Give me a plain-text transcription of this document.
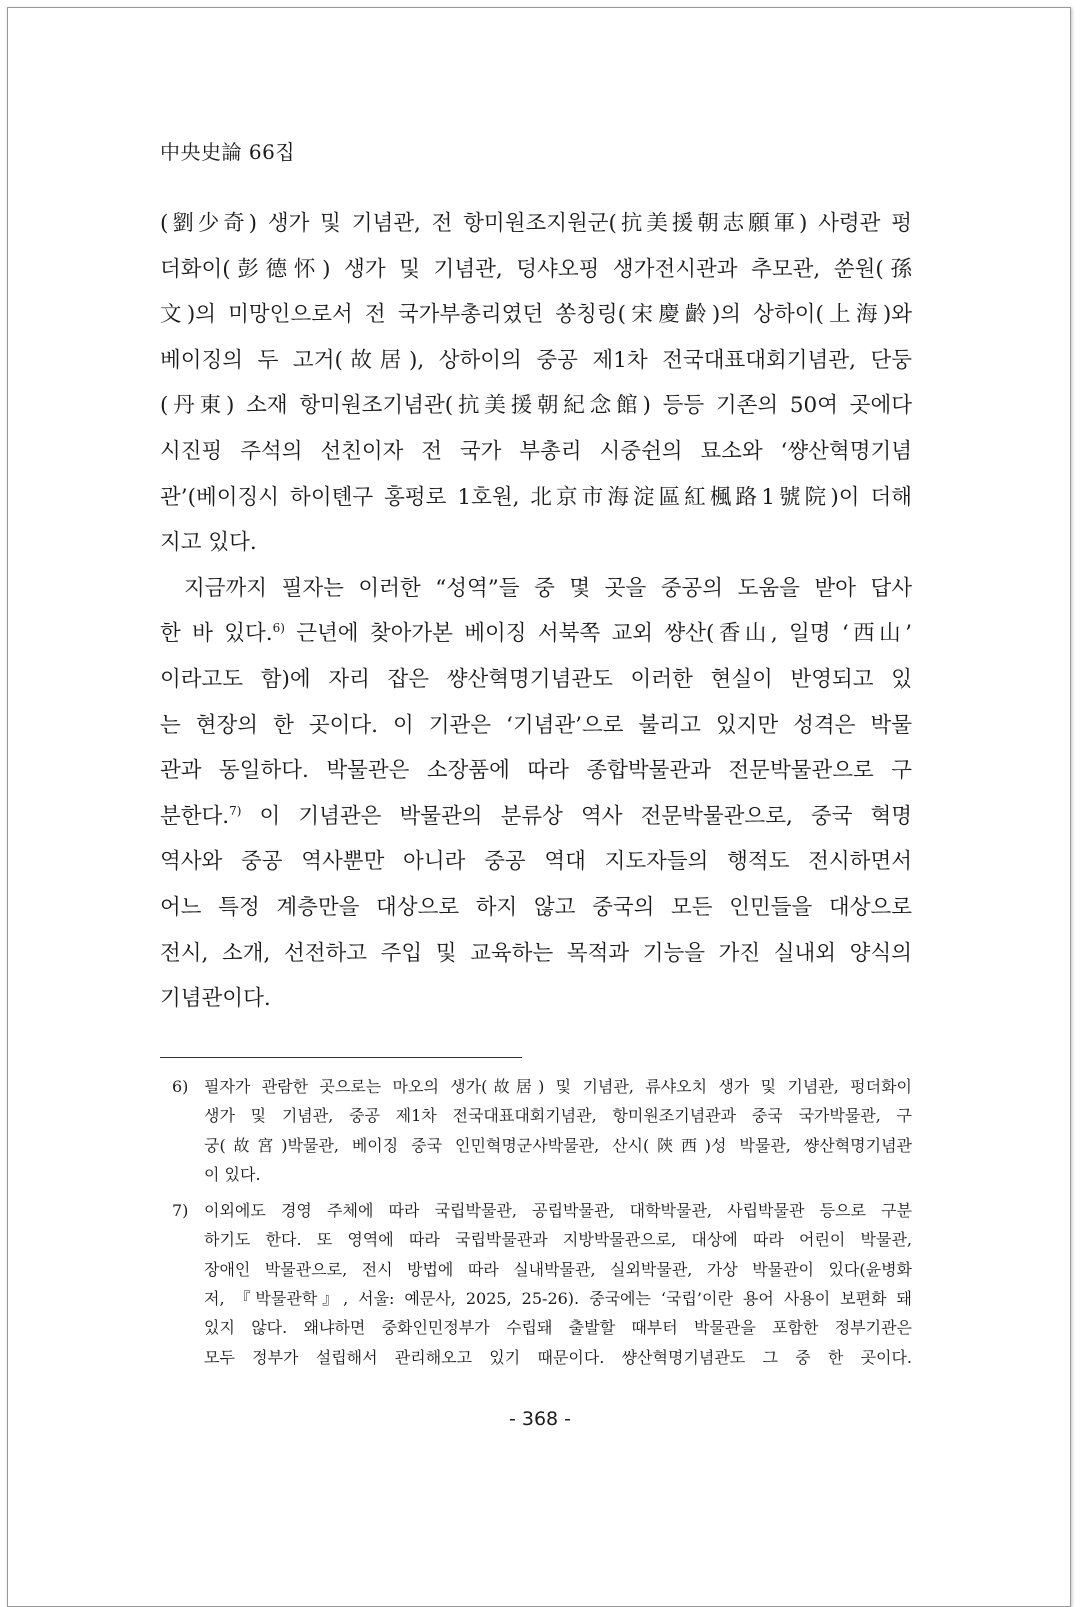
中央史論 66집
(劉少奇) 생가 및 기념관, 전 항미원조지원군(抗美援朝志願軍) 사령관 펑
더화이(彭德怀) 생가 및 기념관, 덩샤오핑 생가전시관과 추모관, 쑨원(孫
文)의 미망인으로서 전 국가부총리였던 쏭칭링(宋慶齡)의 상하이(上海)와
베이징의 두 고거(故居), 상하이의 중공 제1차 전국대표대회기념관, 단둥
(丹東) 소재 항미원조기념관(抗美援朝紀念館) 등등 기존의 50여 곳에다
시진핑 주석의 선친이자 전 국가 부총리 시중쉰의 묘소와 ‘썅산혁명기념
관’(베이징시 하이톈구 홍펑로 1호원, 北京市海淀區紅楓路1號院)이 더해
지고 있다.
지금까지 필자는 이러한 “성역”들 중 몇 곳을 중공의 도움을 받아 답사
한 바 있다.$^{6)}$ 근년에 찾아가본 베이징 서북쪽 교외 썅산(香山, 일명 ‘西山’
이라고도 함)에 자리 잡은 썅산혁명기념관도 이러한 현실이 반영되고 있
는 현장의 한 곳이다. 이 기관은 ‘기념관’으로 불리고 있지만 성격은 박물
관과 동일하다. 박물관은 소장품에 따라 종합박물관과 전문박물관으로 구
분한다.$^{7)}$ 이 기념관은 박물관의 분류상 역사 전문박물관으로, 중국 혁명
역사와 중공 역사뿐만 아니라 중공 역대 지도자들의 행적도 전시하면서
어느 특정 계층만을 대상으로 하지 않고 중국의 모든 인민들을 대상으로
전시, 소개, 선전하고 주입 및 교육하는 목적과 기능을 가진 실내외 양식의
기념관이다.
6) 필자가 관람한 곳으로는 마오의 생가(故居) 및 기념관, 류샤오치 생가 및 기념관, 펑더화이
생가 및 기념관, 중공 제1차 전국대표대회기념관, 항미원조기념관과 중국 국가박물관, 구
궁(故宮)박물관, 베이징 중국 인민혁명군사박물관, 산시(陝西)성 박물관, 썅산혁명기념관
이 있다.
7) 이외에도 경영 주체에 따라 국립박물관, 공립박물관, 대학박물관, 사립박물관 등으로 구분
하기도 한다. 또 영역에 따라 국립박물관과 지방박물관으로, 대상에 따라 어린이 박물관,
장애인 박물관으로, 전시 방법에 따라 실내박물관, 실외박물관, 가상 박물관이 있다(윤병화
저, 『박물관학』, 서울: 예문사, 2025, 25-26). 중국에는 ‘국립’이란 용어 사용이 보편화 돼
있지 않다. 왜냐하면 중화인민정부가 수립돼 출발할 때부터 박물관을 포함한 정부기관은
모두 정부가 설립해서 관리해오고 있기 때문이다. 썅산혁명기념관도 그 중 한 곳이다.
- 368 -
